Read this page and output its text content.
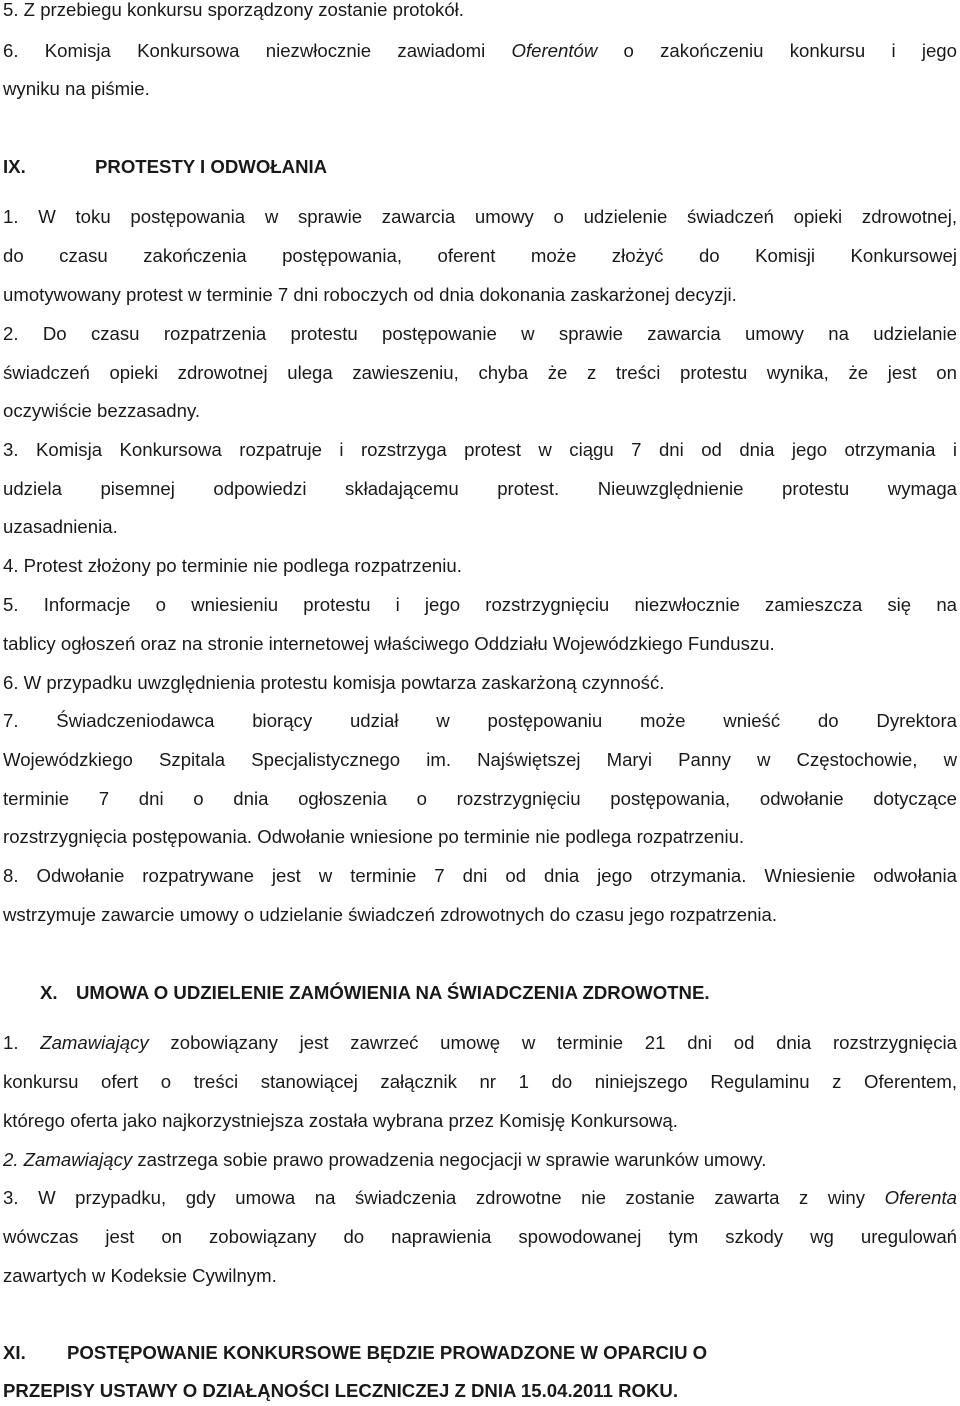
5. Z przebiegu konkursu sporządzony zostanie protokół.
6. Komisja Konkursowa niezwłocznie zawiadomi Oferentów o zakończeniu konkursu i jego
wyniku na piśmie.
IX.	PROTESTY I ODWOŁANIA
1. W toku postępowania w sprawie zawarcia umowy o udzielenie świadczeń opieki zdrowotnej,
do czasu zakończenia postępowania, oferent może złożyć do Komisji Konkursowej
umotywowany protest w terminie 7 dni roboczych od dnia dokonania zaskarżonej decyzji.
2. Do czasu rozpatrzenia protestu postępowanie w sprawie zawarcia umowy na udzielanie
świadczeń opieki zdrowotnej ulega zawieszeniu, chyba że z treści protestu wynika, że jest on
oczywiście bezzasadny.
3. Komisja Konkursowa rozpatruje i rozstrzyga protest w ciągu 7 dni od dnia jego otrzymania i
udziela pisemnej odpowiedzi składającemu protest. Nieuwzględnienie protestu wymaga
uzasadnienia.
4. Protest złożony po terminie nie podlega rozpatrzeniu.
5. Informacje o wniesieniu protestu i jego rozstrzygnięciu niezwłocznie zamieszcza się na
tablicy ogłoszeń oraz na stronie internetowej właściwego Oddziału Wojewódzkiego Funduszu.
6. W przypadku uwzględnienia protestu komisja powtarza zaskarżoną czynność.
7. Świadczeniodawca biorący udział w postępowaniu może wnieść do Dyrektora
Wojewódzkiego Szpitala Specjalistycznego im. Najświętszej Maryi Panny w Częstochowie, w
terminie 7 dni o dnia ogłoszenia o rozstrzygnięciu postępowania, odwołanie dotyczące
rozstrzygnięcia postępowania. Odwołanie wniesione po terminie nie podlega rozpatrzeniu.
8. Odwołanie rozpatrywane jest w terminie 7 dni od dnia jego otrzymania. Wniesienie odwołania
wstrzymuje zawarcie umowy o udzielanie świadczeń zdrowotnych do czasu jego rozpatrzenia.
X. UMOWA O UDZIELENIE ZAMÓWIENIA NA ŚWIADCZENIA ZDROWOTNE.
1. Zamawiający zobowiązany jest zawrzeć umowę w terminie 21 dni od dnia rozstrzygnięcia
konkursu ofert o treści stanowiącej załącznik nr 1 do niniejszego Regulaminu z Oferentem,
którego oferta jako najkorzystniejsza została wybrana przez Komisję Konkursową.
2. Zamawiający zastrzega sobie prawo prowadzenia negocjacji w sprawie warunków umowy.
3. W przypadku, gdy umowa na świadczenia zdrowotne nie zostanie zawarta z winy Oferenta
wówczas jest on zobowiązany do naprawienia spowodowanej tym szkody wg uregulowań
zawartych w Kodeksie Cywilnym.
XI. POSTĘPOWANIE KONKURSOWE BĘDZIE PROWADZONE W OPARCIU O
PRZEPISY USTAWY O DZIAŁĄNOŚCI LECZNICZEJ Z DNIA 15.04.2011 ROKU.
